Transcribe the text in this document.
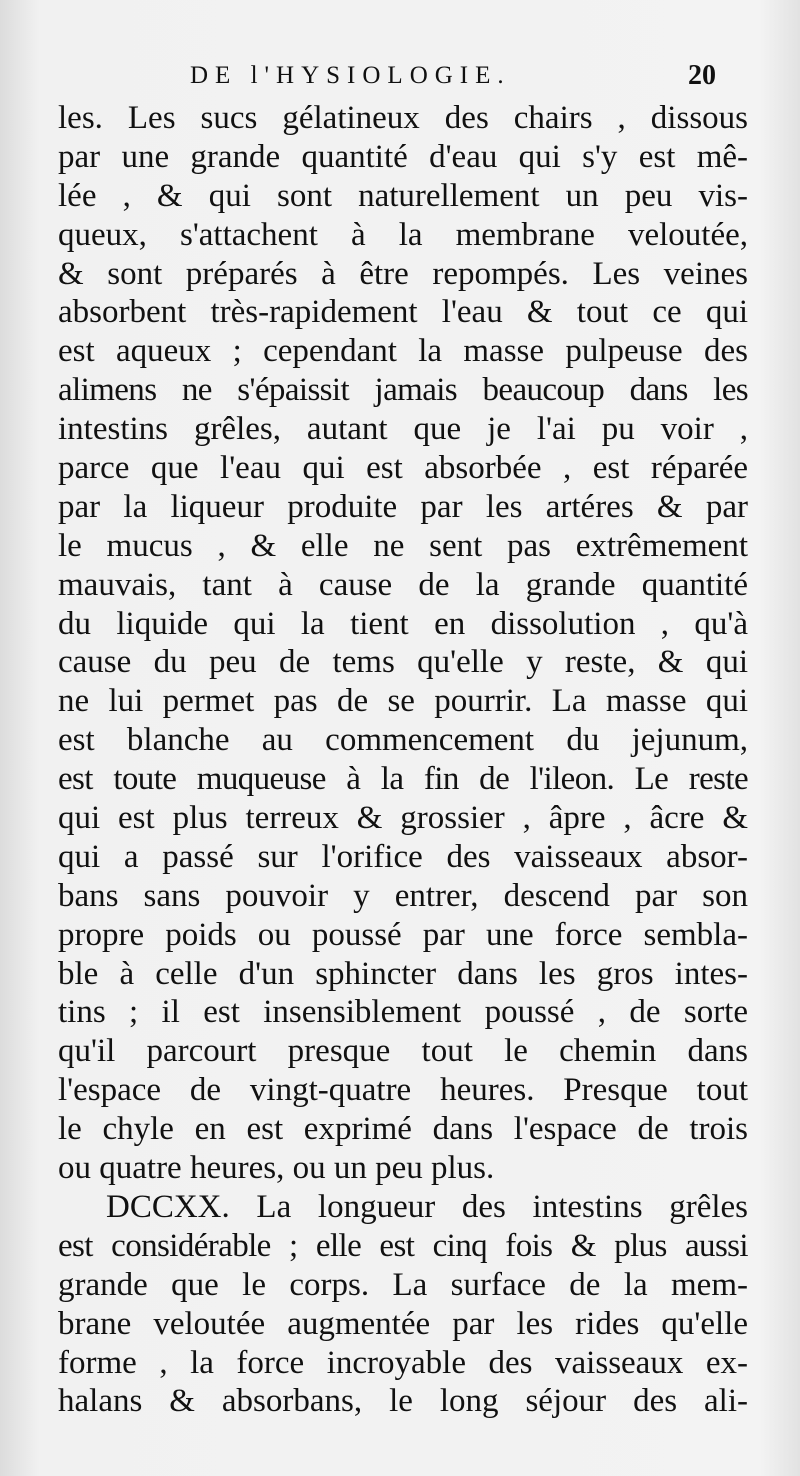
DE l'HYSIOLOGIE.	20
les. Les sucs gélatineux des chairs , dissous
par une grande quantité d'eau qui s'y est mê-
lée , & qui sont naturellement un peu vis-
queux, s'attachent à la membrane veloutée,
& sont préparés à être repompés. Les veines
absorbent très-rapidement l'eau & tout ce qui
est aqueux ; cependant la masse pulpeuse des
alimens ne s'épaissit jamais beaucoup dans les
intestins grêles, autant que je l'ai pu voir ,
parce que l'eau qui est absorbée , est réparée
par la liqueur produite par les artéres & par
le mucus , & elle ne sent pas extrêmement
mauvais, tant à cause de la grande quantité
du liquide qui la tient en dissolution , qu'à
cause du peu de tems qu'elle y reste, & qui
ne lui permet pas de se pourrir. La masse qui
est blanche au commencement du jejunum,
est toute muqueuse à la fin de l'ileon. Le reste
qui est plus terreux & grossier , âpre , âcre &
qui a passé sur l'orifice des vaisseaux absor-
bans sans pouvoir y entrer, descend par son
propre poids ou poussé par une force sembla-
ble à celle d'un sphincter dans les gros intes-
tins ; il est insensiblement poussé , de sorte
qu'il parcourt presque tout le chemin dans
l'espace de vingt-quatre heures. Presque tout
le chyle en est exprimé dans l'espace de trois
ou quatre heures, ou un peu plus.
DCCXX. La longueur des intestins grêles
est considérable ; elle est cinq fois & plus aussi
grande que le corps. La surface de la mem-
brane veloutée augmentée par les rides qu'elle
forme , la force incroyable des vaisseaux ex-
halans & absorbans, le long séjour des ali-
